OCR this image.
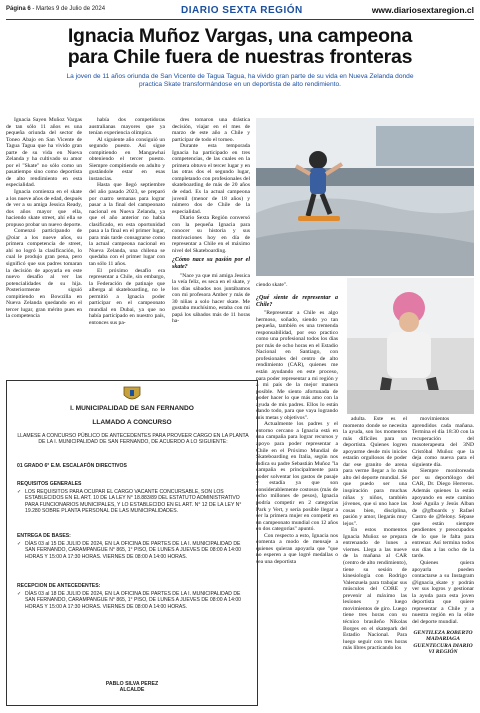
Página 6 - Martes 9 de Julio de 2024	DIARIO SEXTA REGIÓN	www.diariosextaregion.cl
Ignacia Muñoz Vargas, una campeona
para Chile fuera de nuestras fronteras
La joven de 11 años oriunda de San Vicente de Tagua Tagua, ha vivido gran parte de su vida en Nueva Zelanda donde practica Skate transformándose en un deportista de alto rendimiento.

Ignacia Sayen Muñoz Vargas de tan sólo 11 años es una pequeña oriunda del sector de Toneo Abajo en San Vicente de Tagua Tagua que ha vivido gran parte de su vida en Nueva Zelanda y ha cultivado su amor por el "Skate" no sólo como un pasatiempo sino como deportista de alto rendimiento en esta especialidad.

Ignacia comienza en el skate a los nueve años de edad, después de ver a su amiga Jessica Ready, dos años mayor que ella, haciendo skate street, ahí ella se propuso probar un nuevo deporte.

Comenzó participando de @oiar a los nueve años, su primera competencia de street, ahí no logró la clasificación, lo cual le produjo gran pena, pero significó que sus padres tomaran la decisión de apoyarla en este nuevo desafío al ver las potencialidades de su hija. Posteriormente siguió compitiendo en Bowzilla en Nueva Zelanda quedando en el tercer lugar, gran mérito pues en la competencia

había dos competidoras australianas mayores que ya tenían experiencia olímpica.

Al siguiente año consiguió un segundo puesto. Así sigue compitiendo en Mangawhai obteniendo el tercer puesto. Siempre compitiendo en adulto y gustándole estar en esas instancias.

Hasta que llegó septiembre del año pasado 2023, se preparó por cuatro semanas para lograr pasar a la final del campeonato nacional en Nueva Zelanda, ya que el año anterior no había clasificado, en esta oportunidad pasa a la final en el primer lugar, para más tarde consagrarse como la actual campeona nacional en Nueva Zelanda, una chilena se quedaba con el primer lugar con tan sólo 11 años.

El próximo desafío era representar a Chile, sin embargo, la Federación de patinaje que alberga al skateboarding, no le permitió a Ignacia poder participar en el campeonato mundial en Dubai, ya que no había participado en nuestro país, entonces sus pa-

dres tomaron una drástica decisión, viajar en el mes de marzo de este año a Chile y participar de todo el torneo.

Durante esta temporada Ignacia ha participado en tres competencias, de las cuales en la primera obtuvo el tercer lugar y en las otras dos el segundo lugar, completando con profesionales del skateboarding de más de 20 años de edad. Es la actual campeona juvenil (menor de 18 años) y número dos de Chile de la especialidad.

Diario Sexta Región conversó con la pequeña Ignacia para conocer su historia y sus motivaciones hoy en día de representar a Chile en el máximo nivel del Skateboarding.

¿Cómo nace su pasión por el skate?

"Nace ya que mi amiga Jessica la veía feliz, es seca en el skate, y los días sábados nos juntábamos con mi profesora Amber y más de 30 niñas a solo hacer skate. Me gustaba muchísimo, estaba con mi papá los sábados más de 11 horas ha-

ciendo skate".

¿Qué siente de representar a Chile?

"Representar a Chile es algo hermoso, soñado, siendo yo tan pequeña, también es una tremenda responsabilidad, por eso practico como una profesional todos los días por más de ocho horas en el Estadio Nacional en Santiago, con profesionales del centro de alto rendimiento (CAR), quienes me están ayudando en este proceso, para poder representar a mi región y a mi país de la mejor manera posible. Me siento afortunada de poder hacer lo que más amo con la ayuda de mis padres. Ellos lo están dando todo, para que vaya logrando mis metas y objetivos".

Actualmente los padres y el entorno cercano a Ignacia está en una campaña para lograr recursos y apoyo para poder representar a Chile en el Próximo Mundial de Skateboarding en Italia, según nos indica su padre Sebastián Muñoz "la campaña es principalmente para poder solventar los gastos de pasaje y estadía ya que son considerablemente costosos (más de ocho millones de pesos), Ignacia podría competir en 2 categorías Park y Vert, y sería posible llegar a ser la primera mujer en competir en un campeonato mundial con 12 años en dos categorías" apuntó.

Con respecto a esto, Ignacia nos comenta a modo de mensaje a quienes quieran apoyarla que "que no esperen a que logré medallas o sea una deportista

adulta. Este es el momento donde se necesita la ayuda, son los momentos más difíciles para un deportista. Quienes logren apoyarme desde mis inicios estarán orgullosos de poder dar ese granito de arena para verme llegar a lo más alto del deporte mundial. Sé que puedo ser una inspiración para muchas niñas y niños, también jóvenes, que si uno hace las cosas bien, disciplina, pasión y amor, llegarás muy lejos".

En estos momentos Ignacia Muñoz se prepara entrenando de lunes a viernes. Llega a las nueve de la mañana al CAR (centro de alto rendimiento), tiene su sesión de kinesiología con Rodrigo Valenzuela para trabajar sus músculos del CORE y prevenir al máximo las lesiones y luego movimientos de giro. Luego tiene tres horas con su técnico brasileño Nikolas Borges en el skatepark del Estadio Nacional. Para luego seguir con tres horas más libres practicando los

movimientos aprendidos cada mañana. Termina el día 18:30 con la recuperación del masoterapeuta del 3ND Cristóbal Muñoz que la deja como nueva para el siguiente día.

Siempre monitoreada por su deportólogo del CAR, Dr. Diego Herreros. Además quienes la están apoyando en este camino José Aguila y Jesús Alban de @gfboards y Rafael Castro de @felony. Sépase que están siempre pendientes y preocupados de lo que le falta para entrenar. Así termina todos sus días a las ocho de la tarde.

Quienes quiera apoyarla pueden contactarse a su Instagram @ignacia_skate y podrán ver sus logros y gestionar la ayuda para esta joven deportista que quiere representar a Chile y a nuestra región en la elite del deporte mundial.

GENTILEZA ROBERTO MADARIAGA GUENTECURA DIARIO VI REGIÓN

I. MUNICIPALIDAD DE SAN FERNANDO
LLAMADO A CONCURSO
LLAMESE A CONCURSO PÚBLICO DE ANTECEDENTES PARA PROVEER CARGO EN LA PLANTA DE LA I. MUNICIPALIDAD DE SAN FERNANDO, DE ACUERDO A LO SIGUIENTE:
01 GRADO 6° E.M. ESCALAFÓN DIRECTIVOS
REQUISITOS GENERALES
✓ LOS REQUISITOS PARA OCUPAR EL CARGO VACANTE CONCURSABLE, SON LOS ESTABLECIDOS EN EL ART. 10 DE LA LEY N° 18.883/89 DEL ESTATUTO ADMINISTRATIVO PARA FUNCIONARIOS MUNICIPALES, Y LO ESTABLECIDO EN EL ART. N° 12 DE LA LEY N° 19.280 SOBRE PLANTA PERSONAL DE LAS MUNICIPALIDADES.
ENTREGA DE BASES:
✓ DÍAS 03 al 15 DE JULIO DE 2024, EN LA OFICINA DE PARTES DE LA I. MUNICIPALIDAD DE SAN FERNANDO, CARAMPANGUE N° 865, 1° PISO, DE LUNES A JUEVES DE 08:00 A 14:00 HORAS Y 15:00 A 17:30 HORAS. VIERNES DE 08:00 A 14:00 HORAS.
RECEPCION DE ANTECEDENTES:
✓ DÍAS 03 al 18 DE JULIO DE 2024, EN LA OFICINA DE PARTES DE LA I. MUNICIPALIDAD DE SAN FERNANDO, CARAMPANGUE N° 865, 1° PISO, DE LUNES A JUEVES DE 08:00 A 14:00 HORAS Y 15:00 A 17:30 HORAS. VIERNES DE 08:00 A 14:00 HORAS.
PABLO SILVA PEREZ
ALCALDE
